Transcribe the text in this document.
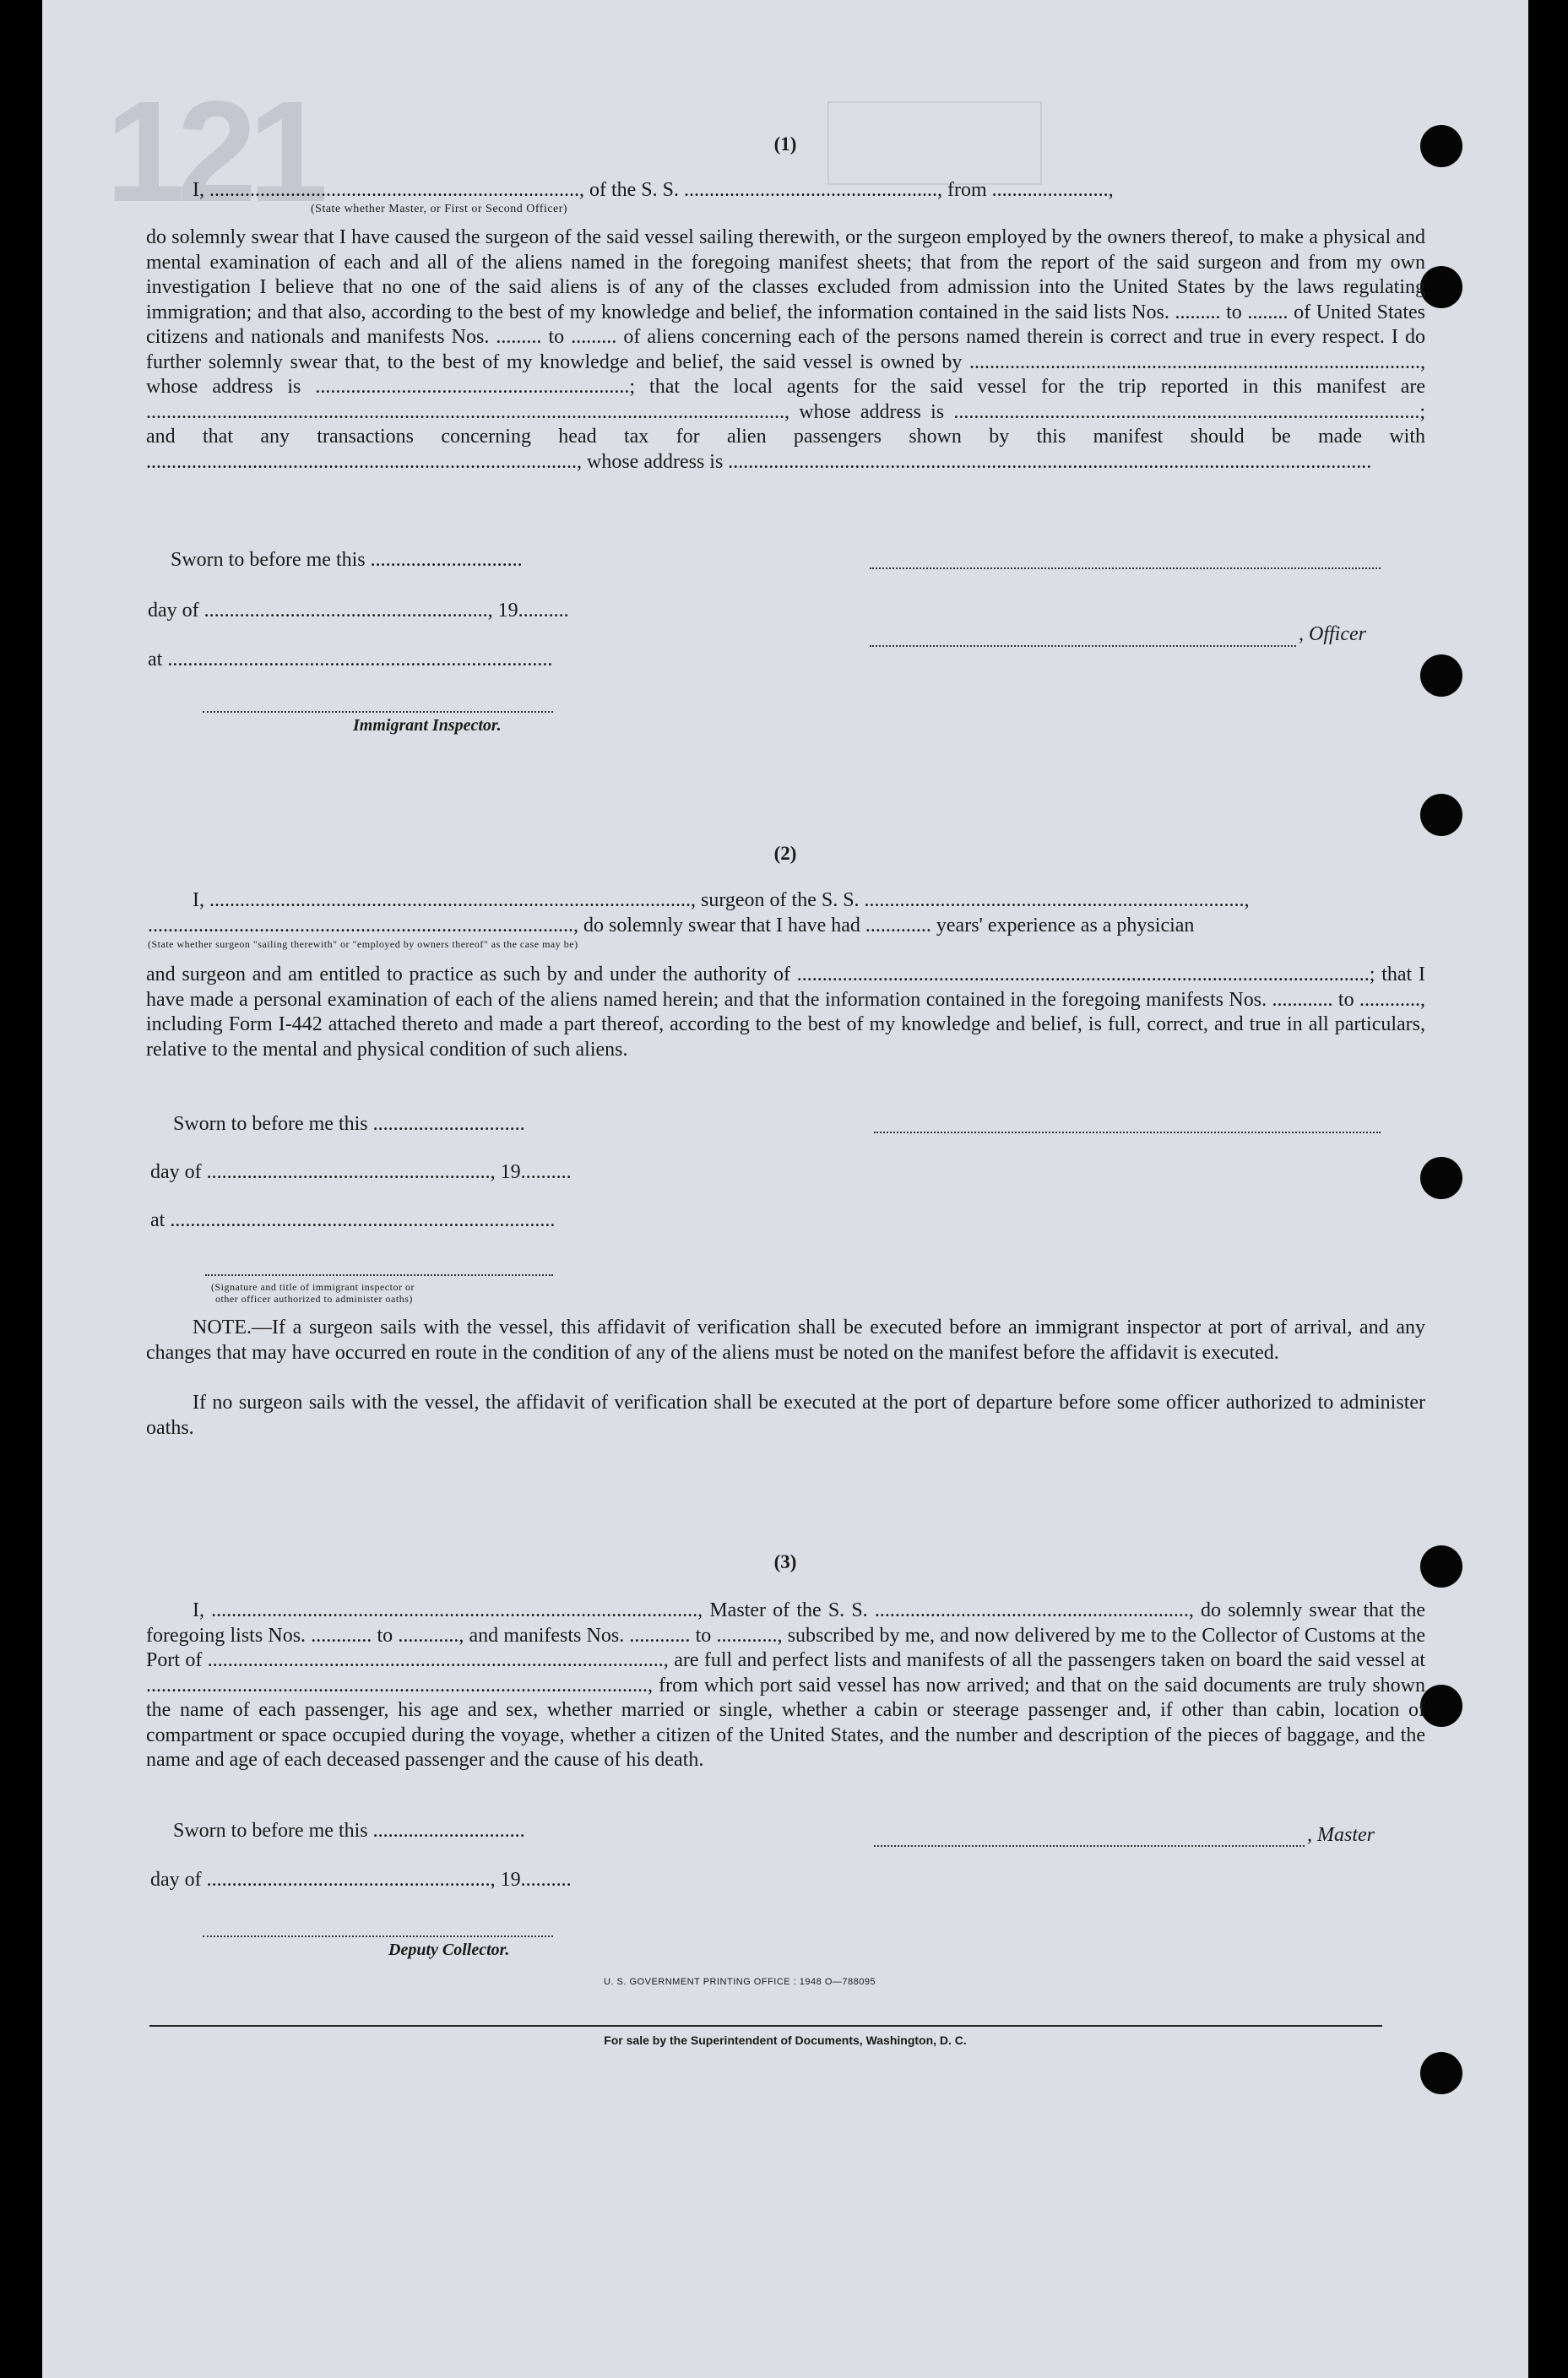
121	(1)
I, ........................................................................., of the S. S. .................................................., from .......................,
(State whether Master, or First or Second Officer)
do solemnly swear that I have caused the surgeon of the said vessel sailing therewith, or the surgeon employed by the owners thereof, to make a physical and mental examination of each and all of the aliens named in the foregoing manifest sheets; that from the report of the said surgeon and from my own investigation I believe that no one of the said aliens is of any of the classes excluded from admission into the United States by the laws regulating immigration; and that also, according to the best of my knowledge and belief, the information contained in the said lists Nos. ......... to ........ of United States citizens and nationals and manifests Nos. ......... to ......... of aliens concerning each of the persons named therein is correct and true in every respect. I do further solemnly swear that, to the best of my knowledge and belief, the said vessel is owned by ........................................................................................., whose address is ..............................................................; that the local agents for the said vessel for the trip reported in this manifest are .............................................................................................................................., whose address is ............................................................................................; and that any transactions concerning head tax for alien passengers shown by this manifest should be made with ....................................................................................., whose address is ...............................................................................................................................
Sworn to before me this ..............................
day of ........................................................, 19..........
at ............................................................................
, Officer
Immigrant Inspector.
(2)
I, ..............................................................................................., surgeon of the S. S. ...........................................................................,
...................................................................................., do solemnly swear that I have had ............. years' experience as a physician
(State whether surgeon "sailing therewith" or "employed by owners thereof" as the case may be)
and surgeon and am entitled to practice as such by and under the authority of .................................................................................................................; that I have made a personal examination of each of the aliens named herein; and that the information contained in the foregoing manifests Nos. ............ to ............, including Form I-442 attached thereto and made a part thereof, according to the best of my knowledge and belief, is full, correct, and true in all particulars, relative to the mental and physical condition of such aliens.
Sworn to before me this ..............................
day of ........................................................, 19..........
at ............................................................................
(Signature and title of immigrant inspector or
other officer authorized to administer oaths)
NOTE.—If a surgeon sails with the vessel, this affidavit of verification shall be executed before an immigrant inspector at port of arrival, and any changes that may have occurred en route in the condition of any of the aliens must be noted on the manifest before the affidavit is executed.
If no surgeon sails with the vessel, the affidavit of verification shall be executed at the port of departure before some officer authorized to administer oaths.
(3)
I, ................................................................................................, Master of the S. S. .............................................................., do solemnly swear that the foregoing lists Nos. ............ to ............, and manifests Nos. ............ to ............, subscribed by me, and now delivered by me to the Collector of Customs at the Port of .........................................................................................., are full and perfect lists and manifests of all the passengers taken on board the said vessel at ..................................................................................................., from which port said vessel has now arrived; and that on the said documents are truly shown the name of each passenger, his age and sex, whether married or single, whether a cabin or steerage passenger and, if other than cabin, location of compartment or space occupied during the voyage, whether a citizen of the United States, and the number and description of the pieces of baggage, and the name and age of each deceased passenger and the cause of his death.
Sworn to before me this ..............................
day of ........................................................, 19..........
, Master
Deputy Collector.
U. S. GOVERNMENT PRINTING OFFICE : 1948 O—788095
For sale by the Superintendent of Documents, Washington, D. C.
